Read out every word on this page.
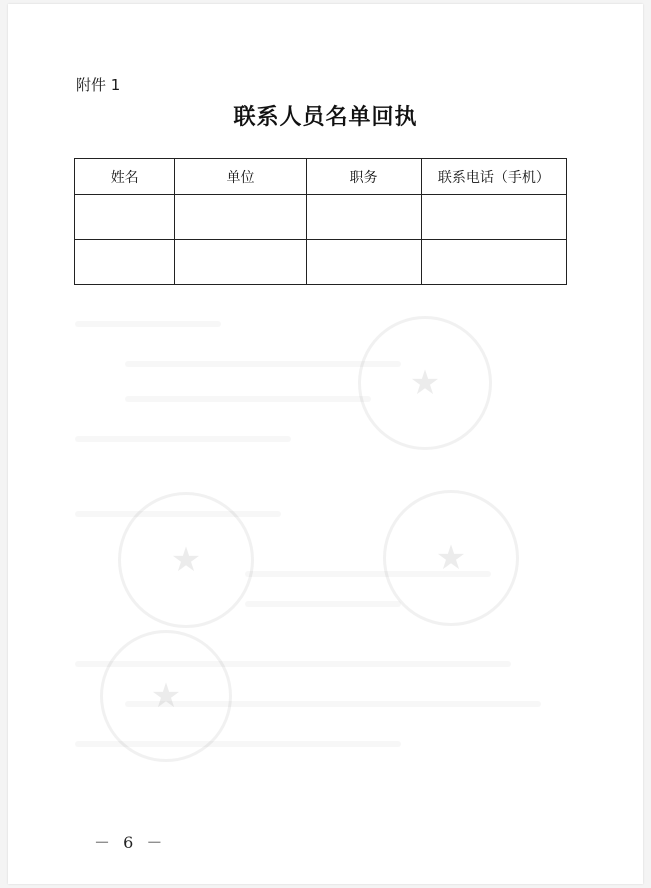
附件 1
联系人员名单回执
姓名	单位	职务	联系电话（手机）

★
★	★
★
－ 6 －
